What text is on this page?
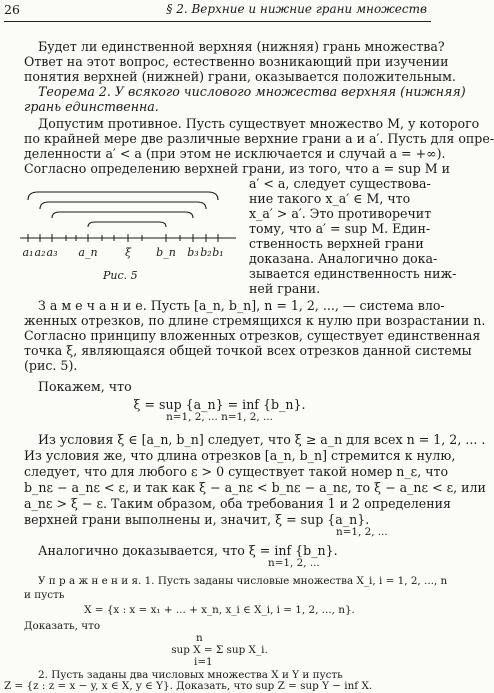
26	§ 2. Верхние и нижние грани множеств
Будет ли единственной верхняя (нижняя) грань множества?
Ответ на этот вопрос, естественно возникающий при изучении
понятия верхней (нижней) грани, оказывается положительным.
Теорема 2. У всякого числового множества верхняя (нижняя)
грань единственна.
Допустим противное. Пусть существует множество M, у которого
по крайней мере две различные верхние грани a и a′. Пусть для опре-
деленности a′ < a (при этом не исключается и случай a = +∞).
Согласно определению верхней грани, из того, что a = sup M и
a′ < a, следует существова-
ние такого x_a′ ∈ M, что
x_a′ > a′. Это противоречит
тому, что a′ = sup M. Един-
ственность верхней грани
доказана. Аналогично дока-
зывается единственность ниж-
ней грани.
a₁ a₂ a₃ a_n ξ b_n b₃ b₂ b₁
Рис. 5
З а м е ч а н и е. Пусть [a_n, b_n], n = 1, 2, ..., — система вло-
женных отрезков, по длине стремящихся к нулю при возрастании n.
Согласно принципу вложенных отрезков, существует единственная
точка ξ, являющаяся общей точкой всех отрезков данной системы
(рис. 5).
Покажем, что
ξ = sup {a_n} = inf {b_n}.
n=1, 2, ... n=1, 2, ...
Из условия ξ ∈ [a_n, b_n] следует, что ξ ≥ a_n для всех n = 1, 2, ... .
Из условия же, что длина отрезков [a_n, b_n] стремится к нулю,
следует, что для любого ε > 0 существует такой номер n_ε, что
b_nε − a_nε < ε, и так как ξ − a_nε < b_nε − a_nε, то ξ − a_nε < ε, или
a_nε > ξ − ε. Таким образом, оба требования 1 и 2 определения
верхней грани выполнены и, значит, ξ = sup {a_n}.
n=1, 2, ...
Аналогично доказывается, что ξ = inf {b_n}.
n=1, 2, ...
У п р а ж н е н и я. 1. Пусть заданы числовые множества X_i, i = 1, 2, ..., n
и пусть
X = {x : x = x₁ + ... + x_n, x_i ∈ X_i, i = 1, 2, ..., n}.
Доказать, что
n
sup X = Σ sup X_i.
i=1
2. Пусть заданы два числовых множества X и Y и пусть
Z = {z : z = x − y, x ∈ X, y ∈ Y}. Доказать, что sup Z = sup Y − inf X.
